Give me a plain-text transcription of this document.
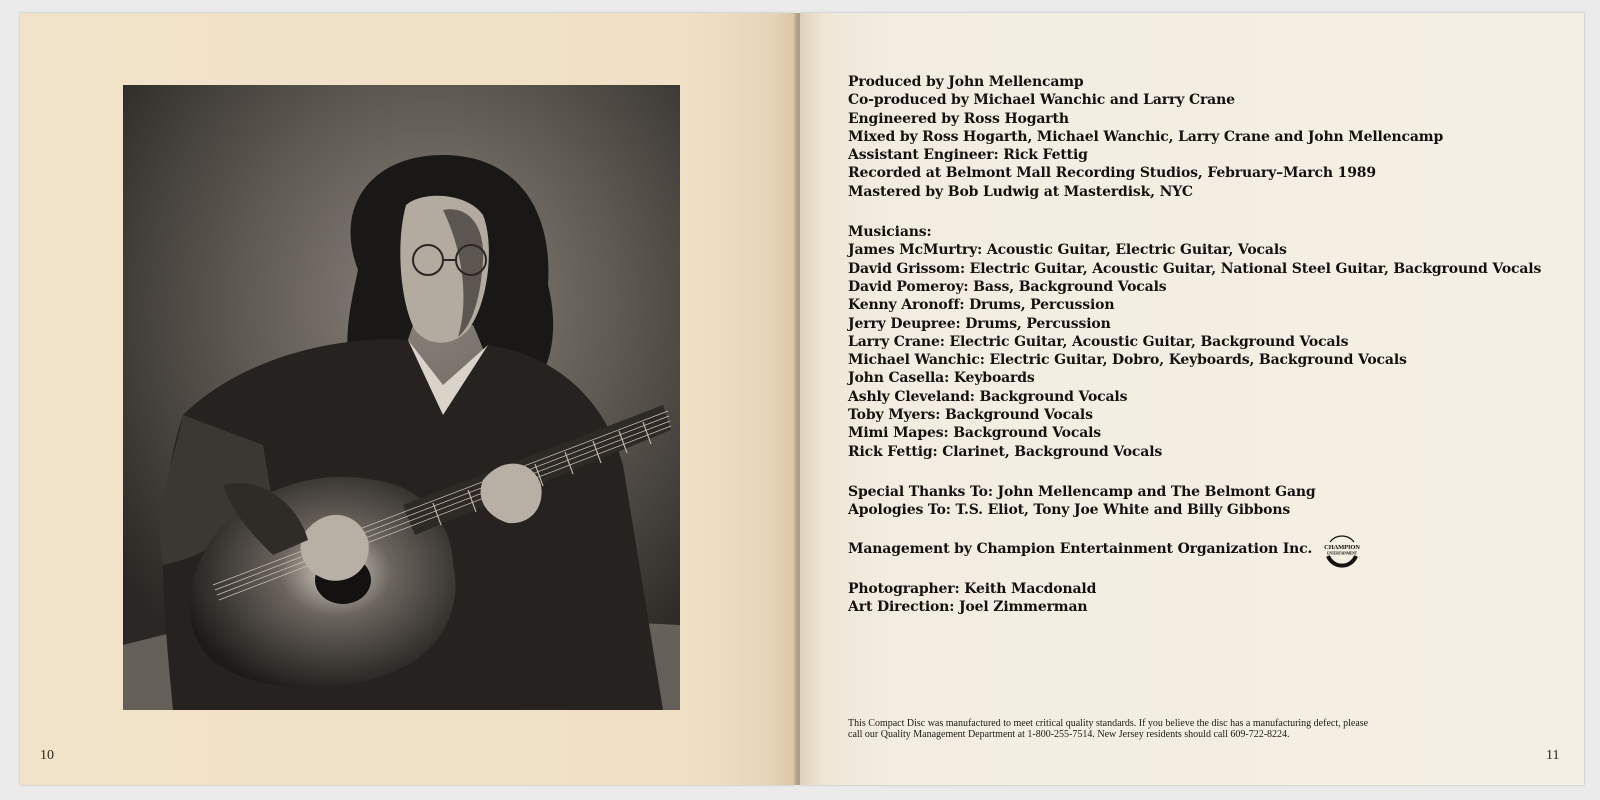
10
Produced by John Mellencamp
Co-produced by Michael Wanchic and Larry Crane
Engineered by Ross Hogarth
Mixed by Ross Hogarth, Michael Wanchic, Larry Crane and John Mellencamp
Assistant Engineer: Rick Fettig
Recorded at Belmont Mall Recording Studios, February–March 1989
Mastered by Bob Ludwig at Masterdisk, NYC
Musicians:
James McMurtry: Acoustic Guitar, Electric Guitar, Vocals
David Grissom: Electric Guitar, Acoustic Guitar, National Steel Guitar, Background Vocals
David Pomeroy: Bass, Background Vocals
Kenny Aronoff: Drums, Percussion
Jerry Deupree: Drums, Percussion
Larry Crane: Electric Guitar, Acoustic Guitar, Background Vocals
Michael Wanchic: Electric Guitar, Dobro, Keyboards, Background Vocals
John Casella: Keyboards
Ashly Cleveland: Background Vocals
Toby Myers: Background Vocals
Mimi Mapes: Background Vocals
Rick Fettig: Clarinet, Background Vocals
Special Thanks To: John Mellencamp and The Belmont Gang
Apologies To: T.S. Eliot, Tony Joe White and Billy Gibbons
Management by Champion Entertainment Organization Inc. CHAMPION
ENTERTAINMENT
Photographer: Keith Macdonald
Art Direction: Joel Zimmerman
This Compact Disc was manufactured to meet critical quality standards. If you believe the disc has a manufacturing defect, please
call our Quality Management Department at 1-800-255-7514. New Jersey residents should call 609-722-8224.
11
